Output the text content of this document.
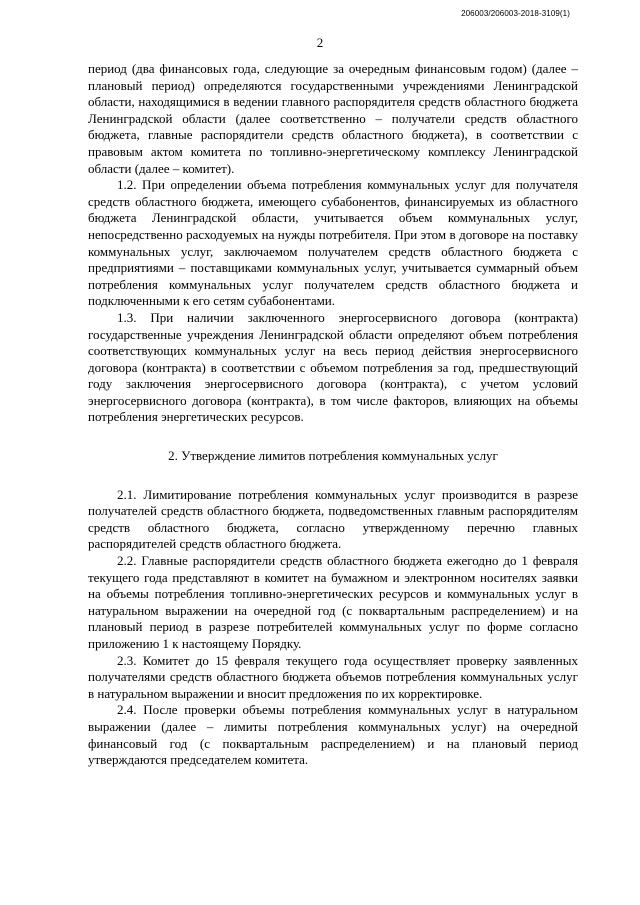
206003/206003-2018-3109(1)
2

период (два финансовых года, следующие за очередным финансовым годом) (далее – плановый период) определяются государственными учреждениями Ленинградской области, находящимися в ведении главного распорядителя средств областного бюджета Ленинградской области (далее соответственно – получатели средств областного бюджета, главные распорядители средств областного бюджета), в соответствии с правовым актом комитета по топливно-энергетическому комплексу Ленинградской области (далее – комитет).

1.2. При определении объема потребления коммунальных услуг для получателя средств областного бюджета, имеющего субабонентов, финансируемых из областного бюджета Ленинградской области, учитывается объем коммунальных услуг, непосредственно расходуемых на нужды потребителя. При этом в договоре на поставку коммунальных услуг, заключаемом получателем средств областного бюджета с предприятиями – поставщиками коммунальных услуг, учитывается суммарный объем потребления коммунальных услуг получателем средств областного бюджета и подключенными к его сетям субабонентами.

1.3. При наличии заключенного энергосервисного договора (контракта) государственные учреждения Ленинградской области определяют объем потребления соответствующих коммунальных услуг на весь период действия энергосервисного договора (контракта) в соответствии с объемом потребления за год, предшествующий году заключения энергосервисного договора (контракта), с учетом условий энергосервисного договора (контракта), в том числе факторов, влияющих на объемы потребления энергетических ресурсов.

2. Утверждение лимитов потребления коммунальных услуг

2.1. Лимитирование потребления коммунальных услуг производится в разрезе получателей средств областного бюджета, подведомственных главным распорядителям средств областного бюджета, согласно утвержденному перечню главных распорядителей средств областного бюджета.

2.2. Главные распорядители средств областного бюджета ежегодно до 1 февраля текущего года представляют в комитет на бумажном и электронном носителях заявки на объемы потребления топливно-энергетических ресурсов и коммунальных услуг в натуральном выражении на очередной год (с поквартальным распределением) и на плановый период в разрезе потребителей коммунальных услуг по форме согласно приложению 1 к настоящему Порядку.

2.3. Комитет до 15 февраля текущего года осуществляет проверку заявленных получателями средств областного бюджета объемов потребления коммунальных услуг в натуральном выражении и вносит предложения по их корректировке.

2.4. После проверки объемы потребления коммунальных услуг в натуральном выражении (далее – лимиты потребления коммунальных услуг) на очередной финансовый год (с поквартальным распределением) и на плановый период утверждаются председателем комитета.
